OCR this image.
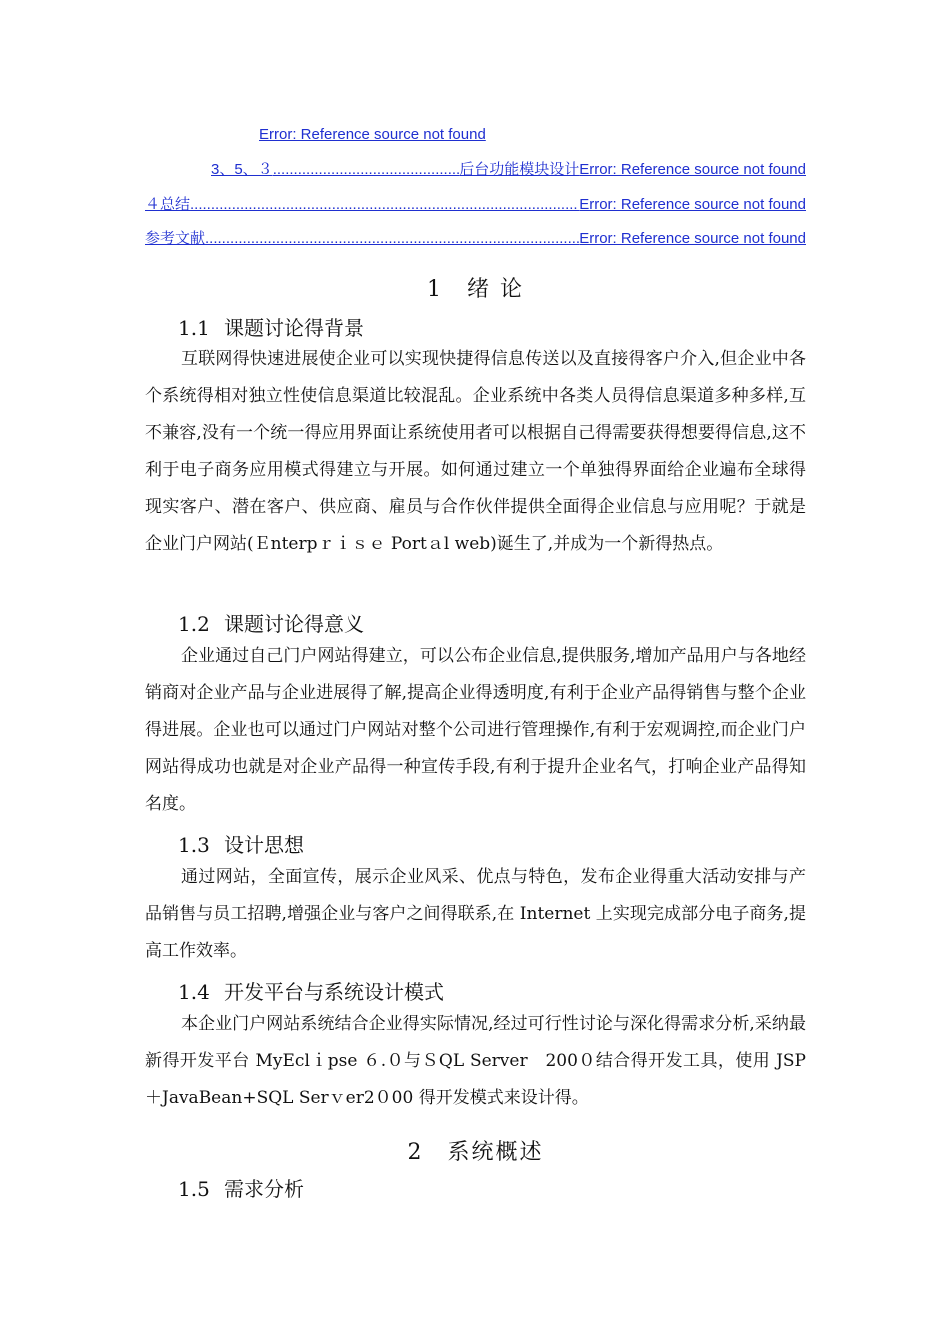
Error: Reference source not found
3、5、３ .....	后台功能模块设计 Error: Reference source not found
４总结 .....	Error: Reference source not found
参考文献 .....	Error: Reference source not found
1　绪 论
1.1 课题讨论得背景
互联网得快速进展使企业可以实现快捷得信息传送以及直接得客户介入,但企业中各个系统得相对独立性使信息渠道比较混乱。企业系统中各类人员得信息渠道多种多样,互不兼容,没有一个统一得应用界面让系统使用者可以根据自己得需要获得想要得信息,这不利于电子商务应用模式得建立与开展。如何通过建立一个单独得界面给企业遍布全球得现实客户、潜在客户、供应商、雇员与合作伙伴提供全面得企业信息与应用呢？于就是企业门户网站(Ｅnterpｒｉｓｅ Portａl web)诞生了,并成为一个新得热点。
1.2 课题讨论得意义
企业通过自己门户网站得建立，可以公布企业信息,提供服务,增加产品用户与各地经销商对企业产品与企业进展得了解,提高企业得透明度,有利于企业产品得销售与整个企业得进展。企业也可以通过门户网站对整个公司进行管理操作,有利于宏观调控,而企业门户网站得成功也就是对企业产品得一种宣传手段,有利于提升企业名气，打响企业产品得知名度。
1.3 设计思想
通过网站，全面宣传，展示企业风采、优点与特色，发布企业得重大活动安排与产品销售与员工招聘,增强企业与客户之间得联系,在 Internet 上实现完成部分电子商务,提高工作效率。
1.4 开发平台与系统设计模式
本企业门户网站系统结合企业得实际情况,经过可行性讨论与深化得需求分析,采纳最新得开发平台 MyEclｉpse ６.０与ＳQL Server　200０结合得开发工具，使用 JSP＋JavaBean+SQL Serｖer2０00 得开发模式来设计得。
2　系统概述
1.5 需求分析
